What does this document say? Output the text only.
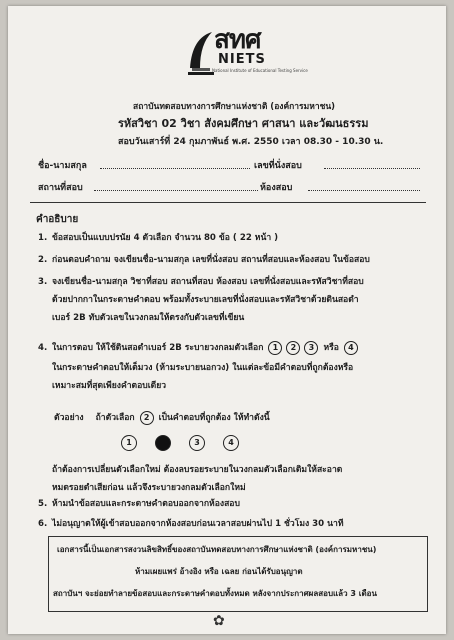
สทศ
NIETS
National Institute of Educational Testing Service
สถาบันทดสอบทางการศึกษาแห่งชาติ (องค์การมหาชน)
รหัสวิชา 02 วิชา สังคมศึกษา ศาสนา และวัฒนธรรม
สอบวันเสาร์ที่ 24 กุมภาพันธ์ พ.ศ. 2550 เวลา 08.30 - 10.30 น.
ชื่อ-นามสกุล	เลขที่นั่งสอบ
สถานที่สอบ	ห้องสอบ
คำอธิบาย
1. ข้อสอบเป็นแบบปรนัย 4 ตัวเลือก จำนวน 80 ข้อ ( 22 หน้า )
2. ก่อนตอบคำถาม จงเขียนชื่อ-นามสกุล เลขที่นั่งสอบ สถานที่สอบและห้องสอบ ในข้อสอบ
3. จงเขียนชื่อ-นามสกุล วิชาที่สอบ สถานที่สอบ ห้องสอบ เลขที่นั่งสอบและรหัสวิชาที่สอบ
ด้วยปากกาในกระดาษคำตอบ พร้อมทั้งระบายเลขที่นั่งสอบและรหัสวิชาด้วยดินสอดำ
เบอร์ 2B ทับตัวเลขในวงกลมให้ตรงกับตัวเลขที่เขียน
4. ในการตอบ ให้ใช้ดินสอดำเบอร์ 2B ระบายวงกลมตัวเลือก 1 2 3 หรือ 4
ในกระดาษคำตอบให้เต็มวง (ห้ามระบายนอกวง) ในแต่ละข้อมีคำตอบที่ถูกต้องหรือ
เหมาะสมที่สุดเพียงคำตอบเดียว
ตัวอย่าง ถ้าตัวเลือก 2 เป็นคำตอบที่ถูกต้อง ให้ทำดังนี้
1	3	4
ถ้าต้องการเปลี่ยนตัวเลือกใหม่ ต้องลบรอยระบายในวงกลมตัวเลือกเดิมให้สะอาด
หมดรอยดำเสียก่อน แล้วจึงระบายวงกลมตัวเลือกใหม่
5. ห้ามนำข้อสอบและกระดาษคำตอบออกจากห้องสอบ
6. ไม่อนุญาตให้ผู้เข้าสอบออกจากห้องสอบก่อนเวลาสอบผ่านไป 1 ชั่วโมง 30 นาที
เอกสารนี้เป็นเอกสารสงวนลิขสิทธิ์ของสถาบันทดสอบทางการศึกษาแห่งชาติ (องค์การมหาชน)
ห้ามเผยแพร่ อ้างอิง หรือ เฉลย ก่อนได้รับอนุญาต
สถาบันฯ จะย่อยทำลายข้อสอบและกระดาษคำตอบทั้งหมด หลังจากประกาศผลสอบแล้ว 3 เดือน
✿
